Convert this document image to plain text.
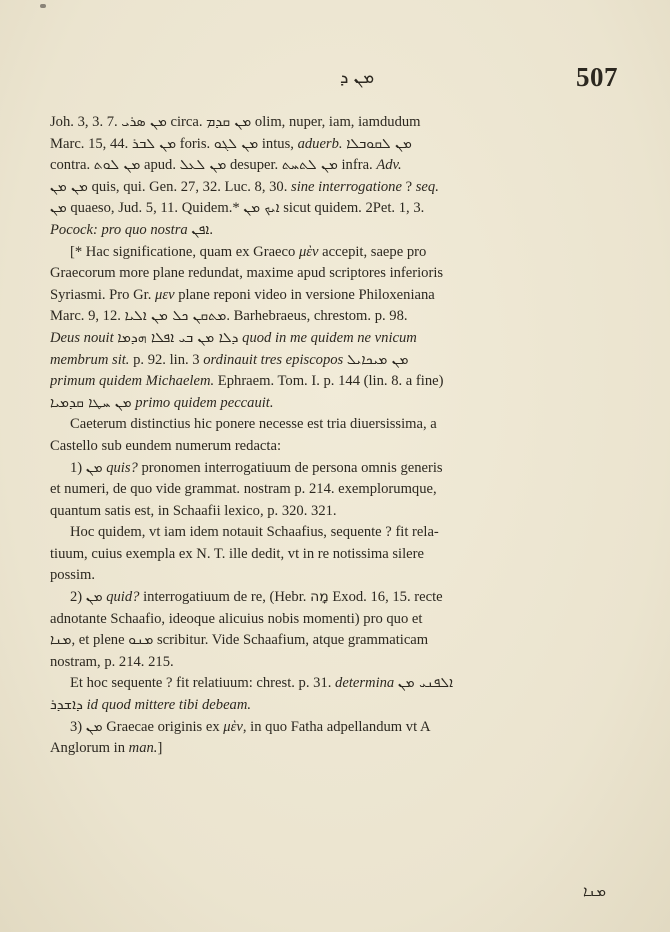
ܡܢ ܕ	507
Joh. 3, 3. 7. ܡܢ ܣܪܝ circa. ܡܢ ܩܕܡ olim, nuper, iam, iamdudum
Marc. 15, 44. ܡܢ ܠܒܪ foris. ܡܢ ܠܓܘ intus, aduerb. ܡܢ ܠܩܘܒܠܐ
contra. ܡܢ ܠܘܬ apud. ܡܢ ܠܥܠ desuper. ܡܢ ܠܬܚܬ infra. Adv.
ܡܢ ܡܢ quis, qui. Gen. 27, 32. Luc. 8, 30. sine interrogatione ? seq.
ܡܢ quaeso, Jud. 5, 11. Quidem.* ܐܝܟ ܡܢ sicut quidem. 2Pet. 1, 3.
Pocock: pro quo nostra ܐܦܢ.
[* Hac significatione, quam ex Graeco μὲν accepit, saepe pro
Graecorum more plane redundat, maxime apud scriptores inferioris
Syriasmi. Pro Gr. μεν plane reponi video in versione Philoxeniana
Marc. 9, 12. ܡܬܩܢ ܟܠ ܡܢ ܐܠܝܐ. Barhebraeus, chrestom. p. 98.
Deus nouit ܕܠܐ ܡܢ ܒܝ ܐܦܠܐ ܗܕܡܐ quod in me quidem ne vnicum
membrum sit. p. 92. lin. 3 ordinauit tres episcopos ܡܢ ܡܝܟܐܝܠ
primum quidem Michaelem. Ephraem. Tom. I. p. 144 (lin. 8. a fine)
ܡܢ ܚܛܐ ܩܕܡܝܐ primo quidem peccauit.
Caeterum distinctius hic ponere necesse est tria diuersissima, a
Castello sub eundem numerum redacta:
1) ܡܢ quis? pronomen interrogatiuum de persona omnis generis
et numeri, de quo vide grammat. nostram p. 214. exemplorumque,
quantum satis est, in Schaafii lexico, p. 320. 321.
Hoc quidem, vt iam idem notauit Schaafius, sequente ? fit rela-
tiuum, cuius exempla ex N. T. ille dedit, vt in re notissima silere
possim.
2) ܡܢ quid? interrogatiuum de re, (Hebr. מָה Exod. 16, 15. recte
adnotante Schaafio, ideoque alicuius nobis momenti) pro quo et
ܡܢܐ, et plene ܡܢܘ scribitur. Vide Schaafium, atque grammaticam
nostram, p. 214. 215.
Et hoc sequente ? fit relatiuum: chrest. p. 31. determina ܐܠܦܢܝ ܡܢ
ܕܐܫܕܪ id quod mittere tibi debeam.
3) ܡܢ Graecae originis ex μὲν, in quo Fatha adpellandum vt A
Anglorum in man.]
ܡܢܐ
